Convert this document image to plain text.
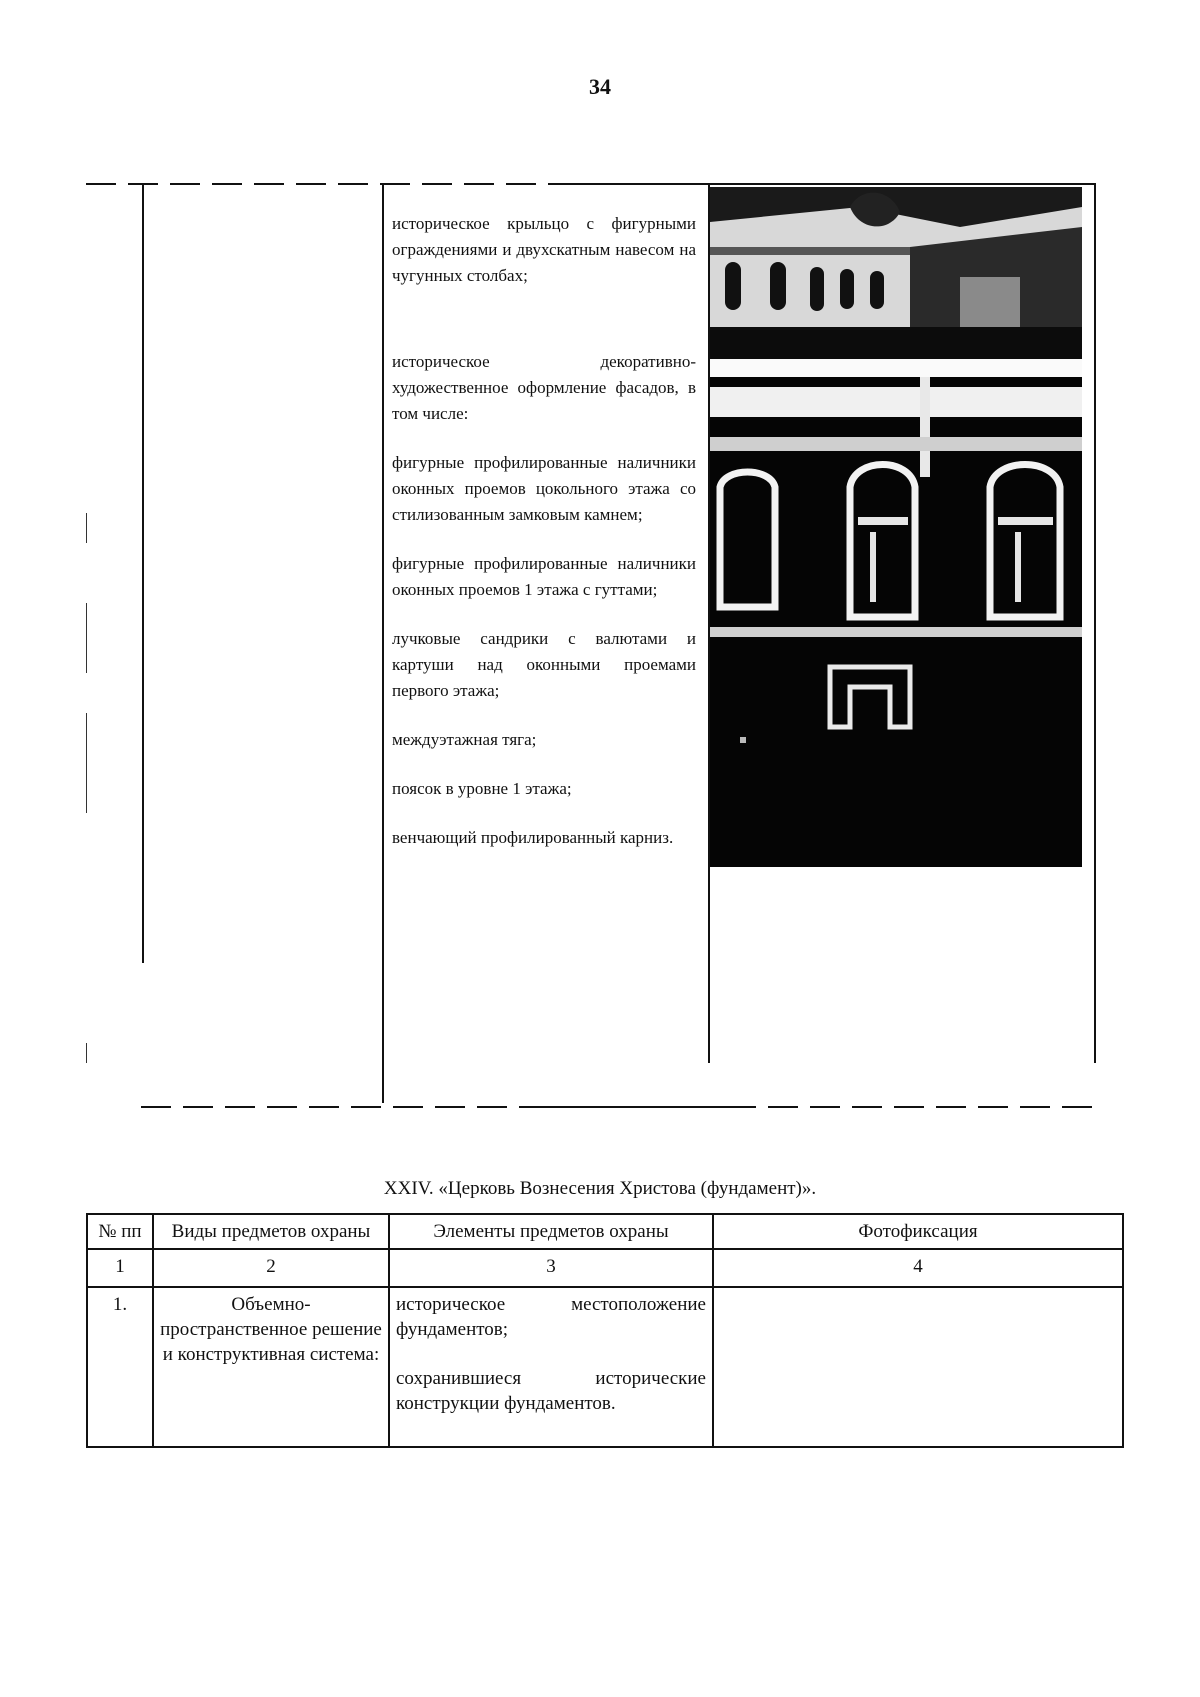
34

историческое крыльцо с фигурными ограждениями и двухскатным навесом на чугунных столбах;

историческое декоративно-художественное оформление фасадов, в том числе:

фигурные профилированные наличники оконных проемов цокольного этажа со стилизованным замковым камнем;

фигурные профилированные наличники оконных проемов 1 этажа с гуттами;

лучковые сандрики с валютами и картуши над оконными проемами первого этажа;

междуэтажная тяга;

поясок в уровне 1 этажа;

венчающий профилированный карниз.

XXIV. «Церковь Вознесения Христова (фундамент)».
№ пп	Виды предметов охраны	Элементы предметов охраны	Фотофиксация
1	2	3	4
1.	Объемно-пространственное решение и конструктивная система:	историческое местоположение фундаментов;
сохранившиеся исторические конструкции фундаментов.	
